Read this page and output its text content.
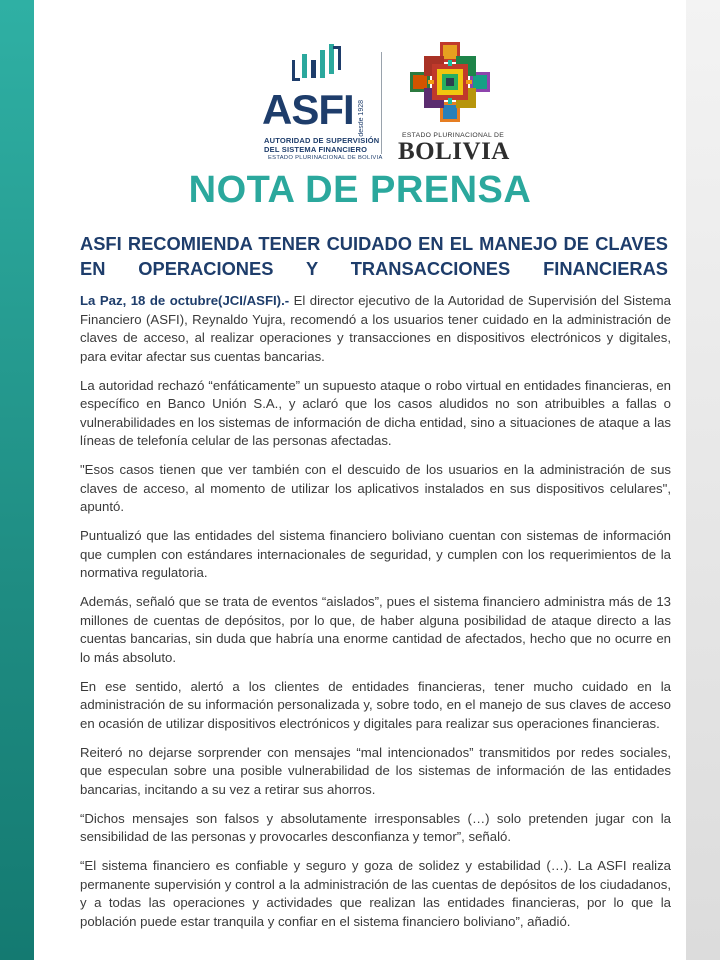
ASFI desde 1928
AUTORIDAD DE SUPERVISIÓN
DEL SISTEMA FINANCIERO
ESTADO PLURINACIONAL DE BOLIVIA
ESTADO PLURINACIONAL DE
BOLIVIA
NOTA DE PRENSA
ASFI RECOMIENDA TENER CUIDADO EN EL MANEJO DE CLAVES EN OPERACIONES Y TRANSACCIONES FINANCIERAS

La Paz, 18 de octubre(JCI/ASFI).- El director ejecutivo de la Autoridad de Supervisión del Sistema Financiero (ASFI), Reynaldo Yujra, recomendó a los usuarios tener cuidado en la administración de claves de acceso, al realizar operaciones y transacciones en dispositivos electrónicos y digitales, para evitar afectar sus cuentas bancarias.

La autoridad rechazó “enfáticamente” un supuesto ataque o robo virtual en entidades financieras, en específico en Banco Unión S.A., y aclaró que los casos aludidos no son atribuibles a fallas o vulnerabilidades en los sistemas de información de dicha entidad, sino a situaciones de ataque a las líneas de telefonía celular de las personas afectadas.

"Esos casos tienen que ver también con el descuido de los usuarios en la administración de sus claves de acceso, al momento de utilizar los aplicativos instalados en sus dispositivos celulares", apuntó.

Puntualizó que las entidades del sistema financiero boliviano cuentan con sistemas de información que cumplen con estándares internacionales de seguridad, y cumplen con los requerimientos de la normativa regulatoria.

Además, señaló que se trata de eventos “aislados”, pues el sistema financiero administra más de 13 millones de cuentas de depósitos, por lo que, de haber alguna posibilidad de ataque directo a las cuentas bancarias, sin duda que habría una enorme cantidad de afectados, hecho que no ocurre en lo más absoluto.

En ese sentido, alertó a los clientes de entidades financieras, tener mucho cuidado en la administración de su información personalizada y, sobre todo, en el manejo de sus claves de acceso en ocasión de utilizar dispositivos electrónicos y digitales para realizar sus operaciones financieras.

Reiteró no dejarse sorprender con mensajes “mal intencionados” transmitidos por redes sociales, que especulan sobre una posible vulnerabilidad de los sistemas de información de las entidades bancarias, incitando a su vez a retirar sus ahorros.

“Dichos mensajes son falsos y absolutamente irresponsables (…) solo pretenden jugar con la sensibilidad de las personas y provocarles desconfianza y temor”, señaló.

“El sistema financiero es confiable y seguro y goza de solidez y estabilidad (…). La ASFI realiza permanente supervisión y control a la administración de las cuentas de depósitos de los ciudadanos, y a todas las operaciones y actividades que realizan las entidades financieras, por lo que la población puede estar tranquila y confiar en el sistema financiero boliviano”, añadió.
